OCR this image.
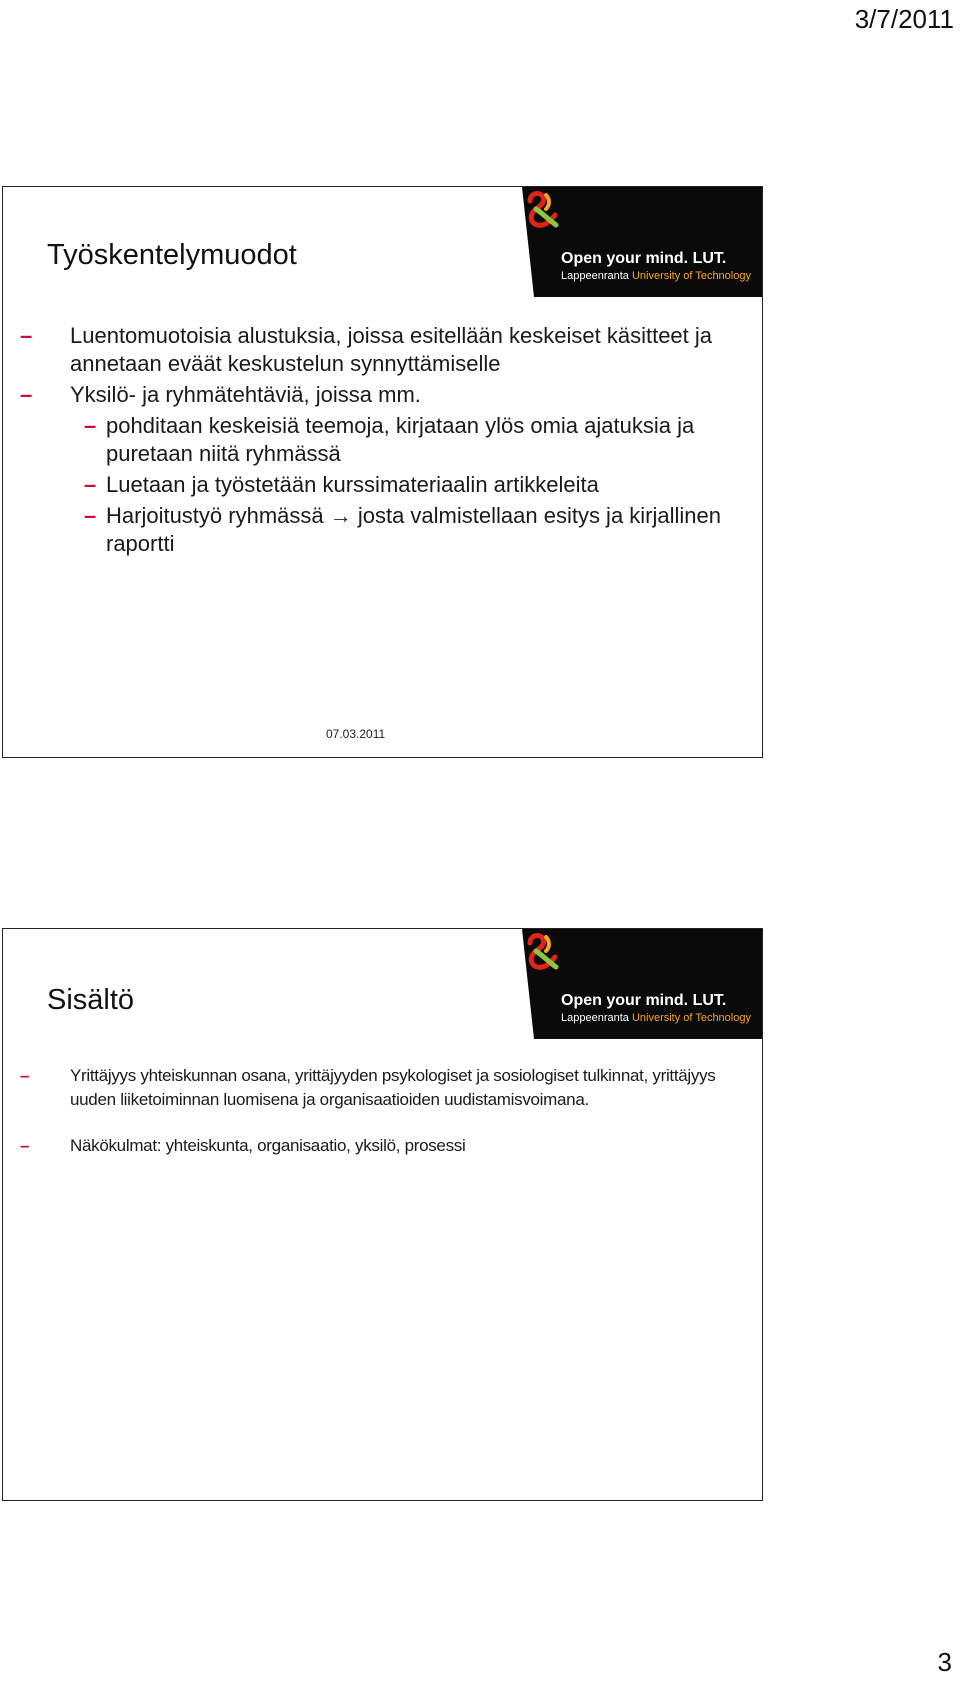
3/7/2011
Open your mind. LUT.
Lappeenranta University of Technology
Työskentelymuodot
– Luentomuotoisia alustuksia, joissa esitellään keskeiset käsitteet ja annetaan eväät keskustelun synnyttämiselle
– Yksilö- ja ryhmätehtäviä, joissa mm.
– pohditaan keskeisiä teemoja, kirjataan ylös omia ajatuksia ja puretaan niitä ryhmässä
– Luetaan ja työstetään kurssimateriaalin artikkeleita
– Harjoitustyö ryhmässä → josta valmistellaan esitys ja kirjallinen raportti
07.03.2011
Open your mind. LUT.
Lappeenranta University of Technology
Sisältö
– Yrittäjyys yhteiskunnan osana, yrittäjyyden psykologiset ja sosiologiset tulkinnat, yrittäjyys uuden liiketoiminnan luomisena ja organisaatioiden uudistamisvoimana.
– Näkökulmat: yhteiskunta, organisaatio, yksilö, prosessi
3
